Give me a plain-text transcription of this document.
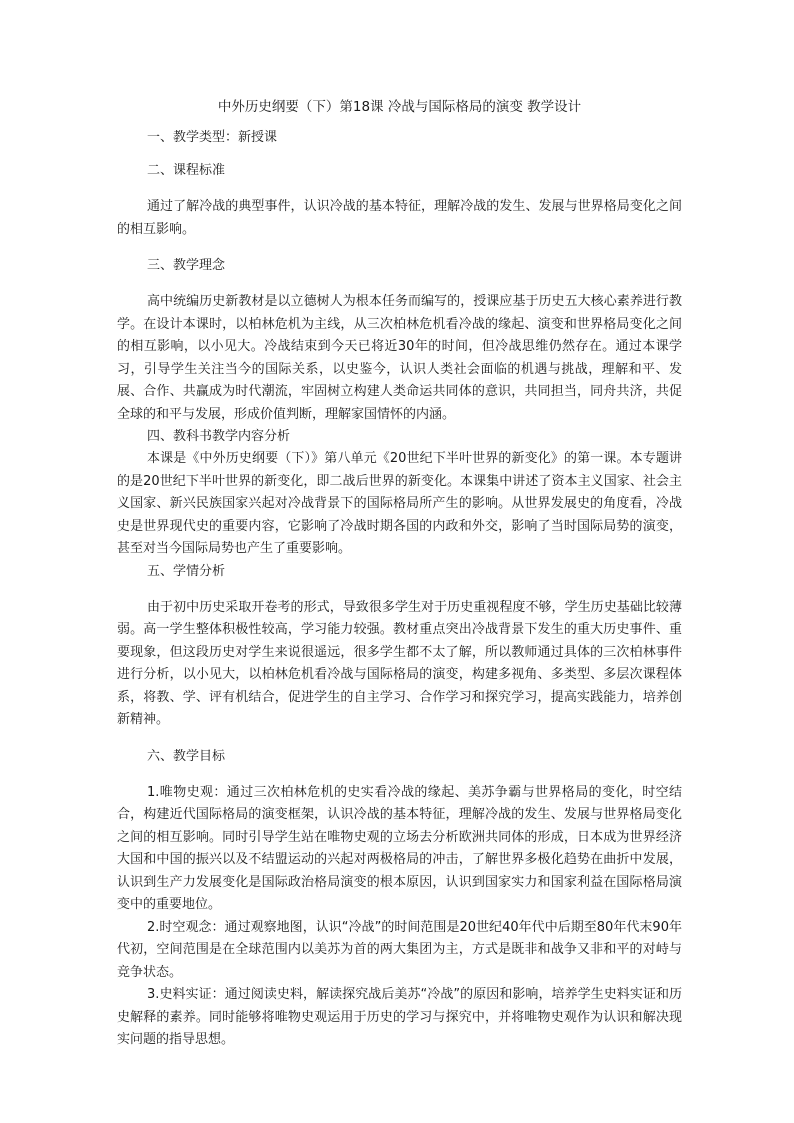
中外历史纲要（下）第18课 冷战与国际格局的演变 教学设计

一、教学类型：新授课

二、课程标准

通过了解冷战的典型事件，认识冷战的基本特征，理解冷战的发生、发展与世界格局变化之间的相互影响。

三、教学理念

高中统编历史新教材是以立德树人为根本任务而编写的，授课应基于历史五大核心素养进行教学。在设计本课时，以柏林危机为主线，从三次柏林危机看冷战的缘起、演变和世界格局变化之间的相互影响，以小见大。冷战结束到今天已将近30年的时间，但冷战思维仍然存在。通过本课学习，引导学生关注当今的国际关系，以史鉴今，认识人类社会面临的机遇与挑战，理解和平、发展、合作、共赢成为时代潮流，牢固树立构建人类命运共同体的意识，共同担当，同舟共济，共促全球的和平与发展，形成价值判断，理解家国情怀的内涵。

四、教科书教学内容分析

本课是《中外历史纲要（下）》第八单元《20世纪下半叶世界的新变化》的第一课。本专题讲的是20世纪下半叶世界的新变化，即二战后世界的新变化。本课集中讲述了资本主义国家、社会主义国家、新兴民族国家兴起对冷战背景下的国际格局所产生的影响。从世界发展史的角度看，冷战史是世界现代史的重要内容，它影响了冷战时期各国的内政和外交，影响了当时国际局势的演变，甚至对当今国际局势也产生了重要影响。

五、学情分析

由于初中历史采取开卷考的形式，导致很多学生对于历史重视程度不够，学生历史基础比较薄弱。高一学生整体积极性较高，学习能力较强。教材重点突出冷战背景下发生的重大历史事件、重要现象，但这段历史对学生来说很遥远，很多学生都不太了解，所以教师通过具体的三次柏林事件进行分析，以小见大，以柏林危机看冷战与国际格局的演变，构建多视角、多类型、多层次课程体系，将教、学、评有机结合，促进学生的自主学习、合作学习和探究学习，提高实践能力，培养创新精神。

六、教学目标

1.唯物史观：通过三次柏林危机的史实看冷战的缘起、美苏争霸与世界格局的变化，时空结合，构建近代国际格局的演变框架，认识冷战的基本特征，理解冷战的发生、发展与世界格局变化之间的相互影响。同时引导学生站在唯物史观的立场去分析欧洲共同体的形成，日本成为世界经济大国和中国的振兴以及不结盟运动的兴起对两极格局的冲击，了解世界多极化趋势在曲折中发展，认识到生产力发展变化是国际政治格局演变的根本原因，认识到国家实力和国家利益在国际格局演变中的重要地位。

2.时空观念：通过观察地图，认识“冷战”的时间范围是20世纪40年代中后期至80年代末90年代初，空间范围是在全球范围内以美苏为首的两大集团为主，方式是既非和战争又非和平的对峙与竞争状态。

3.史料实证：通过阅读史料，解读探究战后美苏“冷战”的原因和影响，培养学生史料实证和历史解释的素养。同时能够将唯物史观运用于历史的学习与探究中，并将唯物史观作为认识和解决现实问题的指导思想。
